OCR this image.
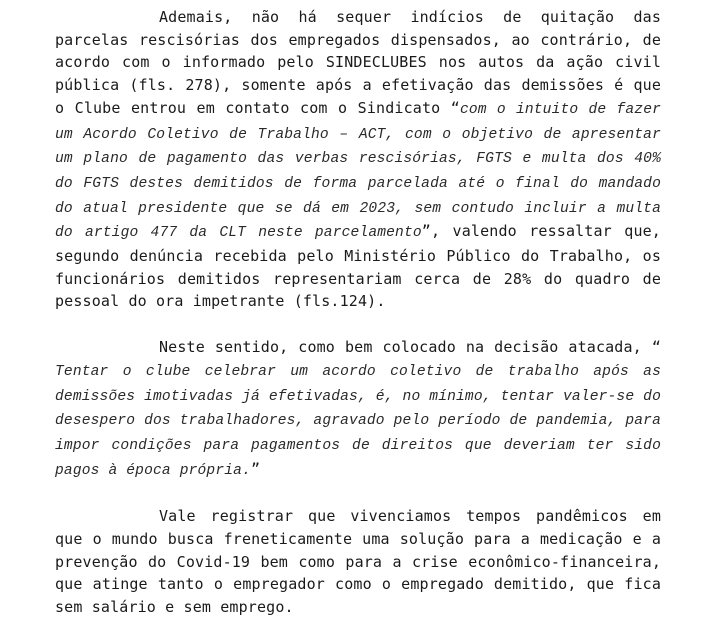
Ademais, não há sequer indícios de quitação das parcelas rescisórias dos empregados dispensados, ao contrário, de acordo com o informado pelo SINDECLUBES nos autos da ação civil pública (fls. 278), somente após a efetivação das demissões é que o Clube entrou em contato com o Sindicato “com o intuito de fazer um Acordo Coletivo de Trabalho – ACT, com o objetivo de apresentar um plano de pagamento das verbas rescisórias, FGTS e multa dos 40% do FGTS destes demitidos de forma parcelada até o final do mandado do atual presidente que se dá em 2023, sem contudo incluir a multa do artigo 477 da CLT neste parcelamento”, valendo ressaltar que, segundo denúncia recebida pelo Ministério Público do Trabalho, os funcionários demitidos representariam cerca de 28% do quadro de pessoal do ora impetrante (fls.124).

Neste sentido, como bem colocado na decisão atacada, “ Tentar o clube celebrar um acordo coletivo de trabalho após as demissões imotivadas já efetivadas, é, no mínimo, tentar valer-se do desespero dos trabalhadores, agravado pelo período de pandemia, para impor condições para pagamentos de direitos que deveriam ter sido pagos à época própria.”

Vale registrar que vivenciamos tempos pandêmicos em que o mundo busca freneticamente uma solução para a medicação e a prevenção do Covid-19 bem como para a crise econômico-financeira, que atinge tanto o empregador como o empregado demitido, que fica sem salário e sem emprego.
